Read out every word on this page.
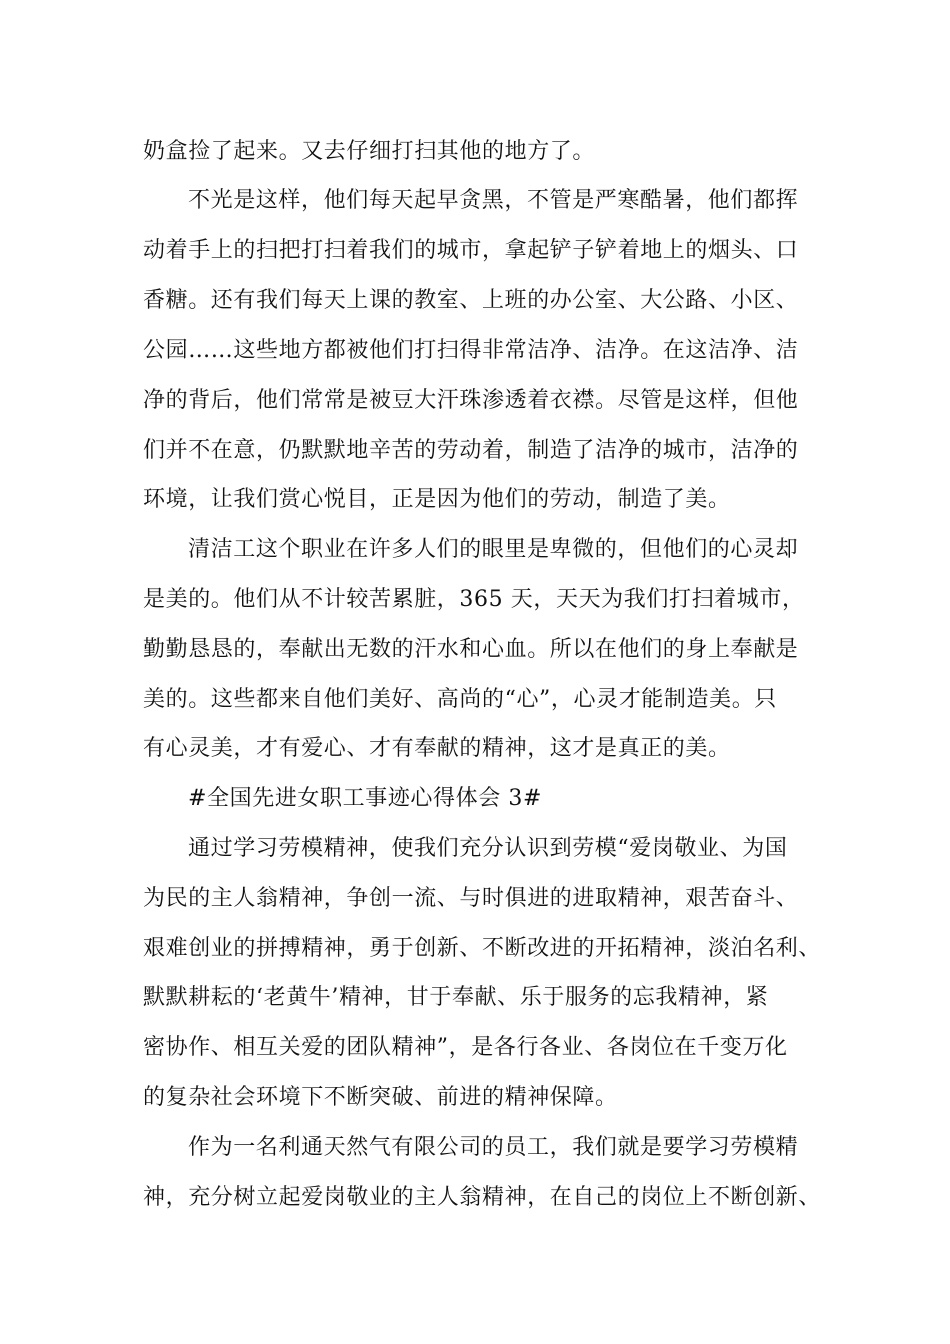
奶盒捡了起来。又去仔细打扫其他的地方了。
不光是这样，他们每天起早贪黑，不管是严寒酷暑，他们都挥
动着手上的扫把打扫着我们的城市，拿起铲子铲着地上的烟头、口
香糖。还有我们每天上课的教室、上班的办公室、大公路、小区、
公园……这些地方都被他们打扫得非常洁净、洁净。在这洁净、洁
净的背后，他们常常是被豆大汗珠渗透着衣襟。尽管是这样，但他
们并不在意，仍默默地辛苦的劳动着，制造了洁净的城市，洁净的
环境，让我们赏心悦目，正是因为他们的劳动，制造了美。
清洁工这个职业在许多人们的眼里是卑微的，但他们的心灵却
是美的。他们从不计较苦累脏，365 天，天天为我们打扫着城市，
勤勤恳恳的，奉献出无数的汗水和心血。所以在他们的身上奉献是
美的。这些都来自他们美好、高尚的“心”，心灵才能制造美。只
有心灵美，才有爱心、才有奉献的精神，这才是真正的美。
#全国先进女职工事迹心得体会 3#
通过学习劳模精神，使我们充分认识到劳模“爱岗敬业、为国
为民的主人翁精神，争创一流、与时俱进的进取精神，艰苦奋斗、
艰难创业的拼搏精神，勇于创新、不断改进的开拓精神，淡泊名利、
默默耕耘的‘老黄牛’精神，甘于奉献、乐于服务的忘我精神，紧
密协作、相互关爱的团队精神”，是各行各业、各岗位在千变万化
的复杂社会环境下不断突破、前进的精神保障。
作为一名利通天然气有限公司的员工，我们就是要学习劳模精
神，充分树立起爱岗敬业的主人翁精神，在自己的岗位上不断创新、
